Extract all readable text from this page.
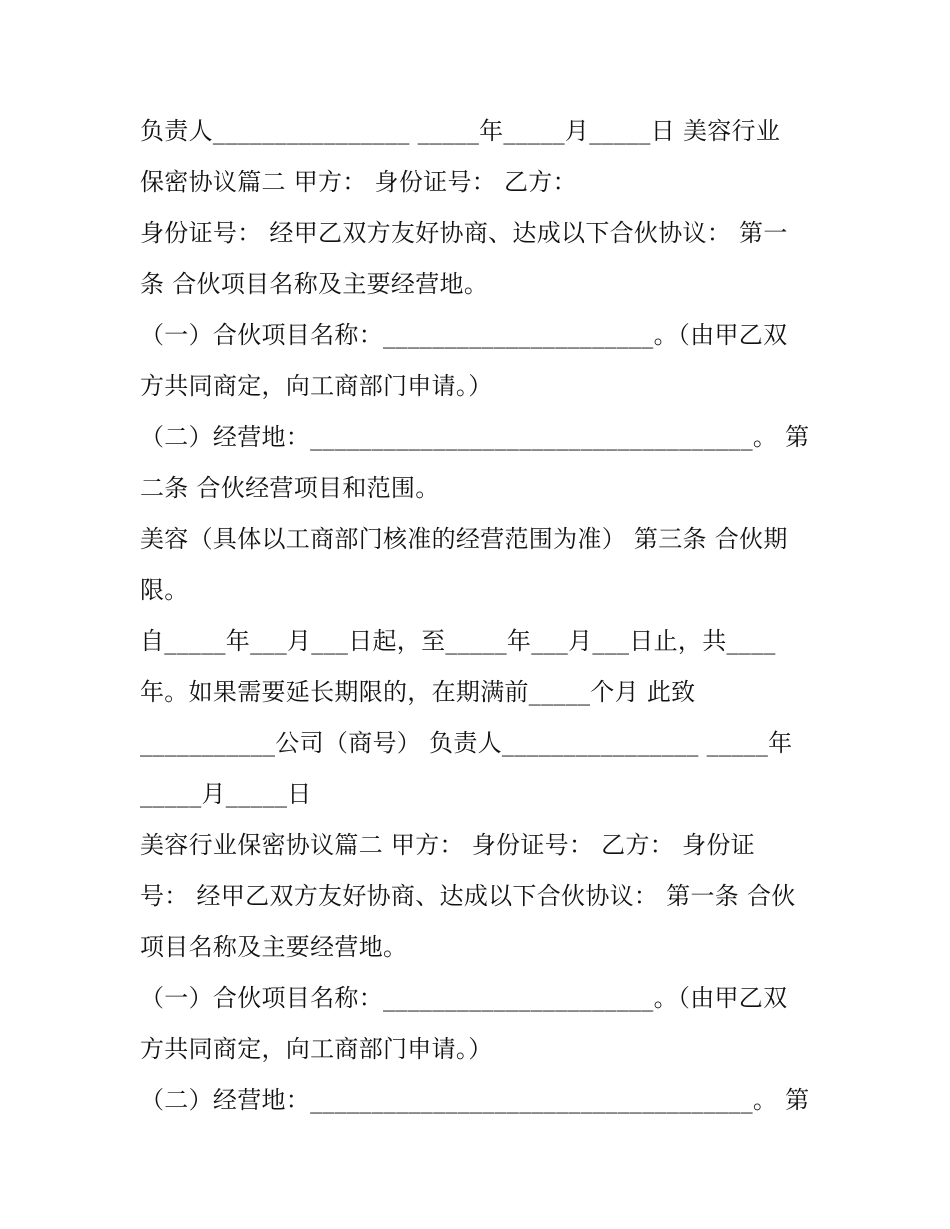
负责人________________ _____年_____月_____日 美容行业
保密协议篇二 甲方： 身份证号： 乙方：
身份证号： 经甲乙双方友好协商、达成以下合伙协议： 第一
条 合伙项目名称及主要经营地。
（一）合伙项目名称：______________________。（由甲乙双
方共同商定，向工商部门申请。）
（二）经营地：____________________________________。 第
二条 合伙经营项目和范围。
美容（具体以工商部门核准的经营范围为准） 第三条 合伙期
限。
自_____年___月___日起，至_____年___月___日止，共____
年。如果需要延长期限的，在期满前_____个月 此致
___________公司（商号） 负责人________________ _____年
_____月_____日
美容行业保密协议篇二 甲方： 身份证号： 乙方： 身份证
号： 经甲乙双方友好协商、达成以下合伙协议： 第一条 合伙
项目名称及主要经营地。
（一）合伙项目名称：______________________。（由甲乙双
方共同商定，向工商部门申请。）
（二）经营地：____________________________________。 第
